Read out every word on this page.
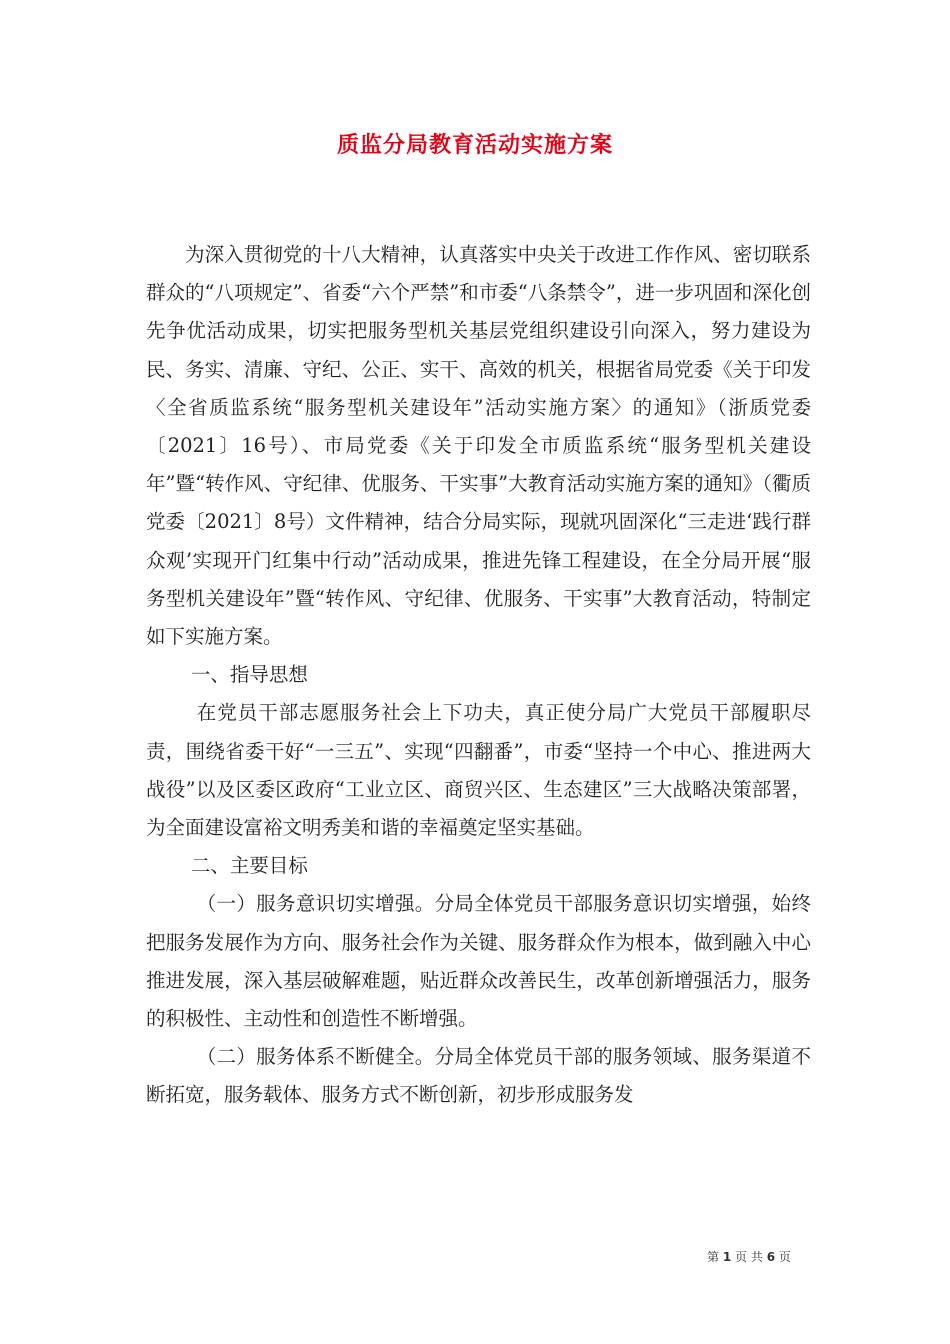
质监分局教育活动实施方案

为深入贯彻党的十八大精神，认真落实中央关于改进工作作风、密切联系群众的“八项规定”、省委“六个严禁”和市委“八条禁令”，进一步巩固和深化创先争优活动成果，切实把服务型机关基层党组织建设引向深入，努力建设为民、务实、清廉、守纪、公正、实干、高效的机关，根据省局党委《关于印发〈全省质监系统“服务型机关建设年”活动实施方案〉的通知》（浙质党委〔2021〕16号）、市局党委《关于印发全市质监系统“服务型机关建设年”暨“转作风、守纪律、优服务、干实事”大教育活动实施方案的通知》（衢质党委〔2021〕8号）文件精神，结合分局实际，现就巩固深化“三走进‘践行群众观’实现开门红集中行动”活动成果，推进先锋工程建设，在全分局开展“服务型机关建设年”暨“转作风、守纪律、优服务、干实事”大教育活动，特制定如下实施方案。

一、指导思想

在党员干部志愿服务社会上下功夫，真正使分局广大党员干部履职尽责，围绕省委干好“一三五”、实现“四翻番”，市委“坚持一个中心、推进两大战役”以及区委区政府“工业立区、商贸兴区、生态建区”三大战略决策部署，为全面建设富裕文明秀美和谐的幸福奠定坚实基础。

二、主要目标

（一）服务意识切实增强。分局全体党员干部服务意识切实增强，始终把服务发展作为方向、服务社会作为关键、服务群众作为根本，做到融入中心推进发展，深入基层破解难题，贴近群众改善民生，改革创新增强活力，服务的积极性、主动性和创造性不断增强。

（二）服务体系不断健全。分局全体党员干部的服务领域、服务渠道不断拓宽，服务载体、服务方式不断创新，初步形成服务发

第 1 页 共 6 页
